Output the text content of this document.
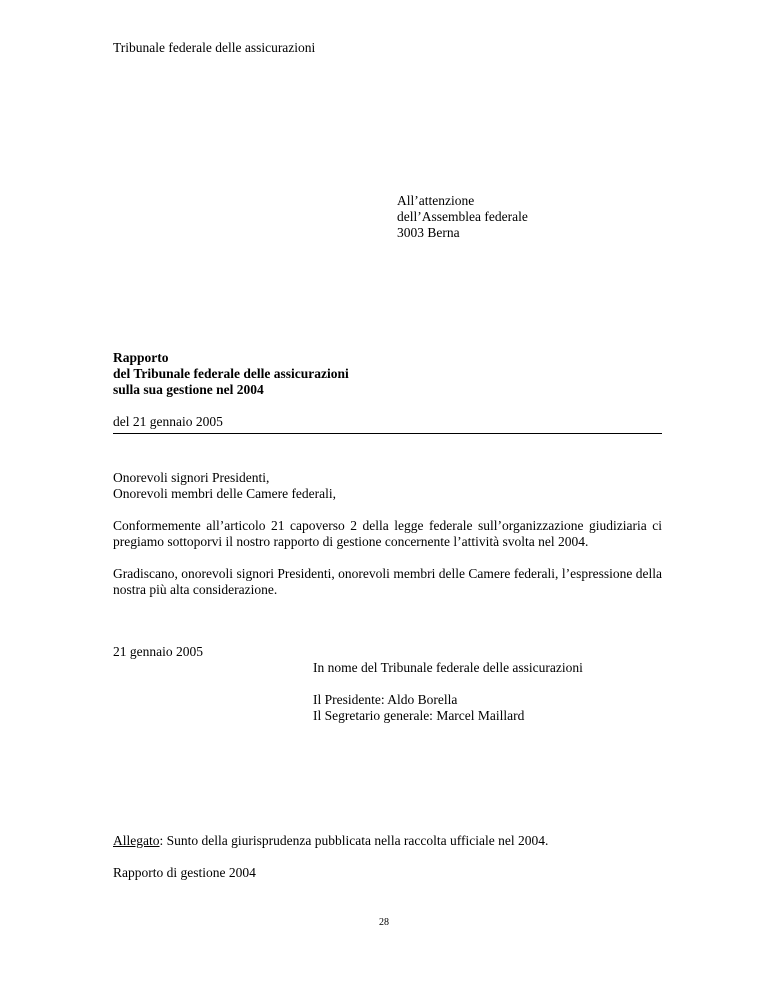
Tribunale federale delle assicurazioni
All’attenzione
dell’Assemblea federale
3003 Berna
Rapporto
del Tribunale federale delle assicurazioni
sulla sua gestione nel 2004
del 21 gennaio 2005
Onorevoli signori Presidenti,
Onorevoli membri delle Camere federali,
Conformemente all’articolo 21 capoverso 2 della legge federale sull’organizzazione giudiziaria ci pregiamo sottoporvi il nostro rapporto di gestione concernente l’attività svolta nel 2004.
Gradiscano, onorevoli signori Presidenti, onorevoli membri delle Camere federali, l’espressione della nostra più alta considerazione.
21 gennaio 2005
In nome del Tribunale federale delle assicurazioni
Il Presidente: Aldo Borella
Il Segretario generale: Marcel Maillard
Allegato: Sunto della giurisprudenza pubblicata nella raccolta ufficiale nel 2004.
Rapporto di gestione 2004
28
